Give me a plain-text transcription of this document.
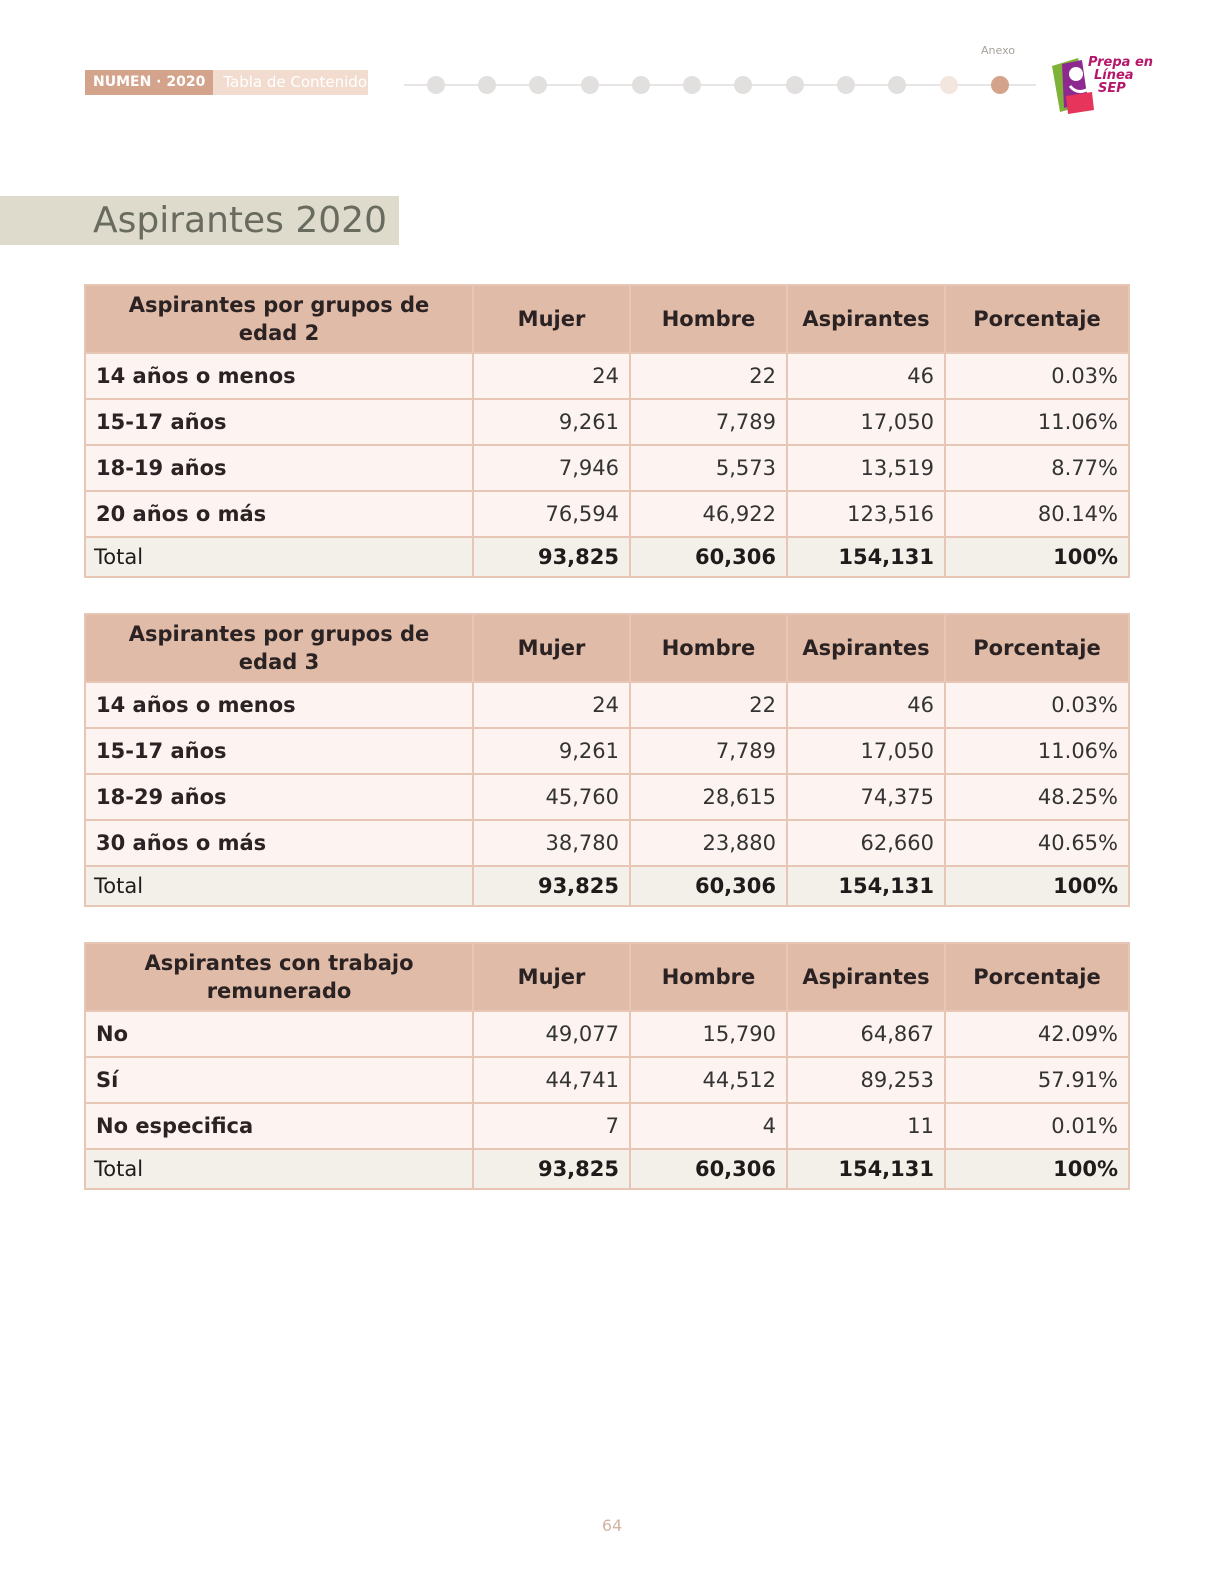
NUMEN · 2020	Tabla de Contenido
Anexo
Prepa en
Línea
SEP
Aspirantes 2020
Aspirantes por grupos de edad 2	Mujer	Hombre	Aspirantes	Porcentaje
14 años o menos	24	22	46	0.03%
15-17 años	9,261	7,789	17,050	11.06%
18-19 años	7,946	5,573	13,519	8.77%
20 años o más	76,594	46,922	123,516	80.14%
Total	93,825	60,306	154,131	100%
Aspirantes por grupos de edad 3	Mujer	Hombre	Aspirantes	Porcentaje
14 años o menos	24	22	46	0.03%
15-17 años	9,261	7,789	17,050	11.06%
18-29 años	45,760	28,615	74,375	48.25%
30 años o más	38,780	23,880	62,660	40.65%
Total	93,825	60,306	154,131	100%
Aspirantes con trabajo remunerado	Mujer	Hombre	Aspirantes	Porcentaje
No	49,077	15,790	64,867	42.09%
Sí	44,741	44,512	89,253	57.91%
No especifica	7	4	11	0.01%
Total	93,825	60,306	154,131	100%
64
